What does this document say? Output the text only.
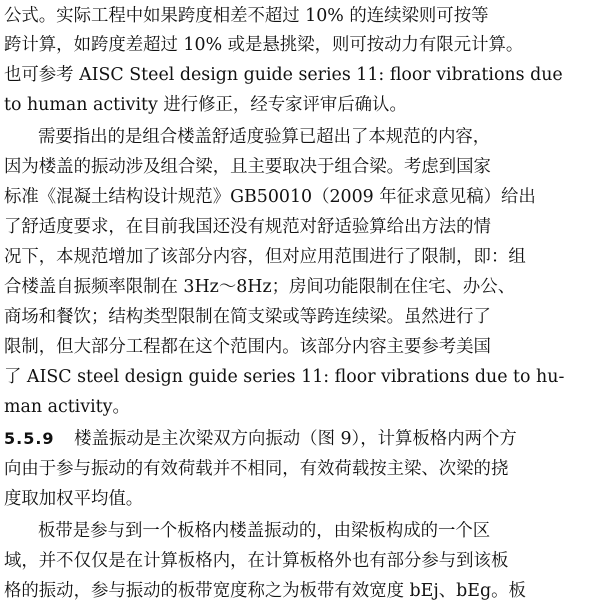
公式。实际工程中如果跨度相差不超过 10% 的连续梁则可按等
跨计算，如跨度差超过 10% 或是悬挑梁，则可按动力有限元计算。
也可参考 AISC Steel design guide series 11: floor vibrations due
to human activity 进行修正，经专家评审后确认。
需要指出的是组合楼盖舒适度验算已超出了本规范的内容，
因为楼盖的振动涉及组合梁，且主要取决于组合梁。考虑到国家
标准《混凝土结构设计规范》GB50010（2009 年征求意见稿）给出
了舒适度要求，在目前我国还没有规范对舒适验算给出方法的情
况下，本规范增加了该部分内容，但对应用范围进行了限制，即：组
合楼盖自振频率限制在 3Hz～8Hz；房间功能限制在住宅、办公、
商场和餐饮；结构类型限制在简支梁或等跨连续梁。虽然进行了
限制，但大部分工程都在这个范围内。该部分内容主要参考美国
了 AISC steel design guide series 11: floor vibrations due to hu-
man activity。
5.5.9 楼盖振动是主次梁双方向振动（图 9），计算板格内两个方
向由于参与振动的有效荷载并不相同，有效荷载按主梁、次梁的挠
度取加权平均值。
板带是参与到一个板格内楼盖振动的，由梁板构成的一个区
域，并不仅仅是在计算板格内，在计算板格外也有部分参与到该板
格的振动，参与振动的板带宽度称之为板带有效宽度 bEj、bEg。板
